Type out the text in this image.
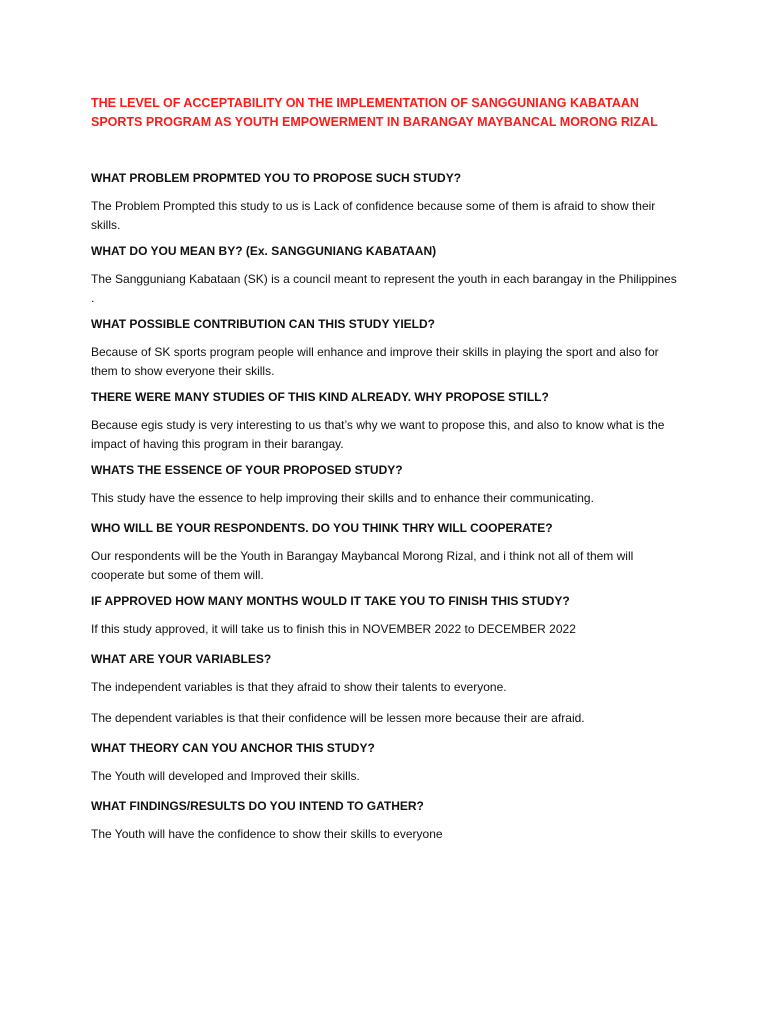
THE LEVEL OF ACCEPTABILITY ON THE IMPLEMENTATION OF SANGGUNIANG KABATAAN SPORTS PROGRAM AS YOUTH EMPOWERMENT IN BARANGAY MAYBANCAL MORONG RIZAL

WHAT PROBLEM PROPMTED YOU TO PROPOSE SUCH STUDY?

The Problem Prompted this study to us is Lack of confidence because some of them is afraid to show their skills.

WHAT DO YOU MEAN BY? (Ex. SANGGUNIANG KABATAAN)

The Sangguniang Kabataan (SK) is a council meant to represent the youth in each barangay in the Philippines .

WHAT POSSIBLE CONTRIBUTION CAN THIS STUDY YIELD?

Because of SK sports program people will enhance and improve their skills in playing the sport and also for them to show everyone their skills.

THERE WERE MANY STUDIES OF THIS KIND ALREADY. WHY PROPOSE STILL?

Because egis study is very interesting to us that’s why we want to propose this, and also to know what is the impact of having this program in their barangay.

WHATS THE ESSENCE OF YOUR PROPOSED STUDY?

This study have the essence to help improving their skills and to enhance their communicating.

WHO WILL BE YOUR RESPONDENTS. DO YOU THINK THRY WILL COOPERATE?

Our respondents will be the Youth in Barangay Maybancal Morong Rizal, and i think not all of them will cooperate but some of them will.

IF APPROVED HOW MANY MONTHS WOULD IT TAKE YOU TO FINISH THIS STUDY?

If this study approved, it will take us to finish this in NOVEMBER 2022 to DECEMBER 2022

WHAT ARE YOUR VARIABLES?

The independent variables is that they afraid to show their talents to everyone.

The dependent variables is that their confidence will be lessen more because their are afraid.

WHAT THEORY CAN YOU ANCHOR THIS STUDY?

The Youth will developed and Improved their skills.

WHAT FINDINGS/RESULTS DO YOU INTEND TO GATHER?

The Youth will have the confidence to show their skills to everyone
